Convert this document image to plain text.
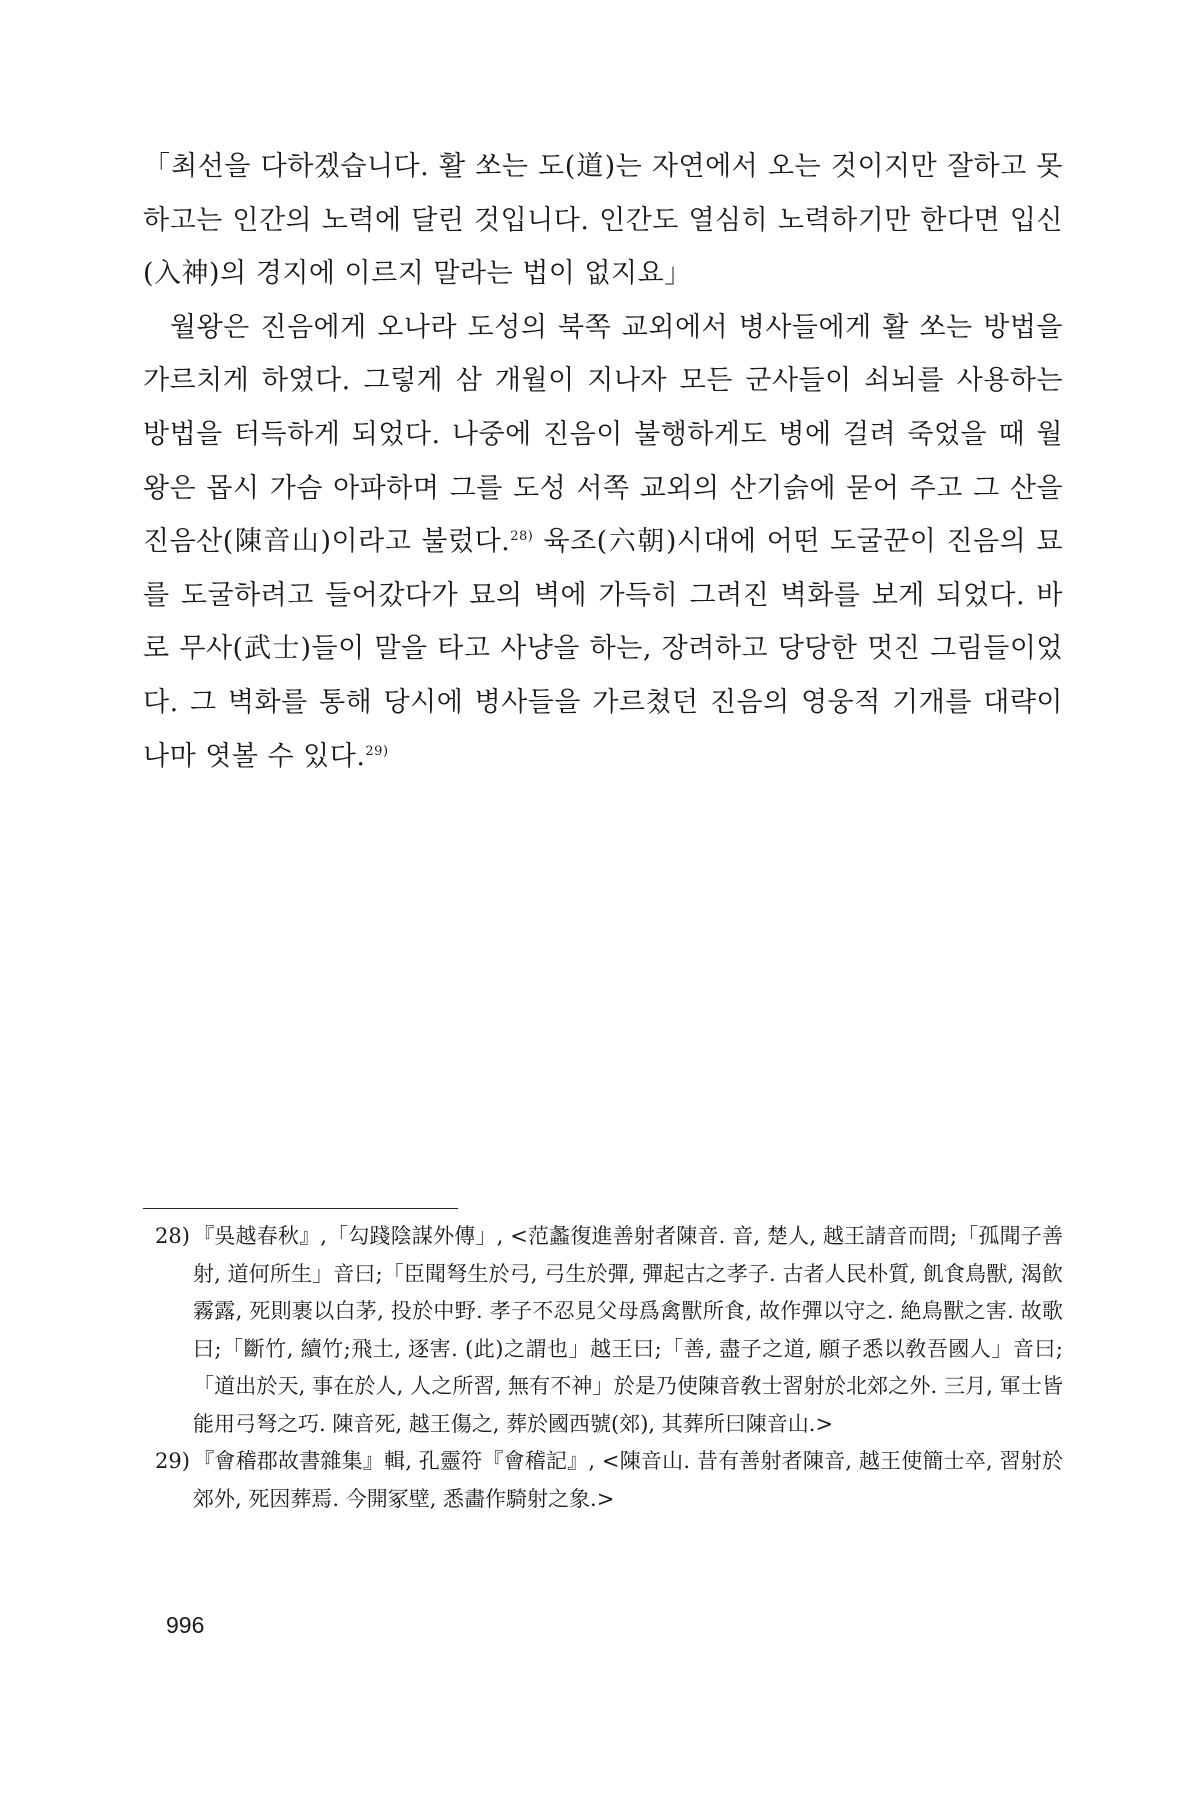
「최선을 다하겠습니다. 활 쏘는 도(道)는 자연에서 오는 것이지만 잘하고 못하고는 인간의 노력에 달린 것입니다. 인간도 열심히 노력하기만 한다면 입신(入神)의 경지에 이르지 말라는 법이 없지요」

월왕은 진음에게 오나라 도성의 북쪽 교외에서 병사들에게 활 쏘는 방법을 가르치게 하였다. 그렇게 삼 개월이 지나자 모든 군사들이 쇠뇌를 사용하는 방법을 터득하게 되었다. 나중에 진음이 불행하게도 병에 걸려 죽었을 때 월왕은 몹시 가슴 아파하며 그를 도성 서쪽 교외의 산기슭에 묻어 주고 그 산을 진음산(陳音山)이라고 불렀다.$^{28)}$ 육조(六朝)시대에 어떤 도굴꾼이 진음의 묘를 도굴하려고 들어갔다가 묘의 벽에 가득히 그려진 벽화를 보게 되었다. 바로 무사(武士)들이 말을 타고 사냥을 하는, 장려하고 당당한 멋진 그림들이었다. 그 벽화를 통해 당시에 병사들을 가르쳤던 진음의 영웅적 기개를 대략이나마 엿볼 수 있다.$^{29)}$

28) 『吳越春秋』,「勾踐陰謀外傳」, <范蠡復進善射者陳音. 音, 楚人, 越王請音而問;「孤聞子善射, 道何所生」音曰;「臣聞弩生於弓, 弓生於彈, 彈起古之孝子. 古者人民朴質, 飢食鳥獸, 渴飮霧露, 死則裹以白茅, 投於中野. 孝子不忍見父母爲禽獸所食, 故作彈以守之. 絶鳥獸之害. 故歌曰;「斷竹, 續竹;飛土, 逐害. (此)之謂也」越王曰;「善, 盡子之道, 願子悉以敎吾國人」音曰;「道出於天, 事在於人, 人之所習, 無有不神」於是乃使陳音敎士習射於北郊之外. 三月, 軍士皆能用弓弩之巧. 陳音死, 越王傷之, 葬於國西號(郊), 其葬所曰陳音山.>

29) 『會稽郡故書雜集』輯, 孔靈符『會稽記』, <陳音山. 昔有善射者陳音, 越王使簡士卒, 習射於郊外, 死因葬焉. 今開冢壁, 悉畵作騎射之象.>

996
